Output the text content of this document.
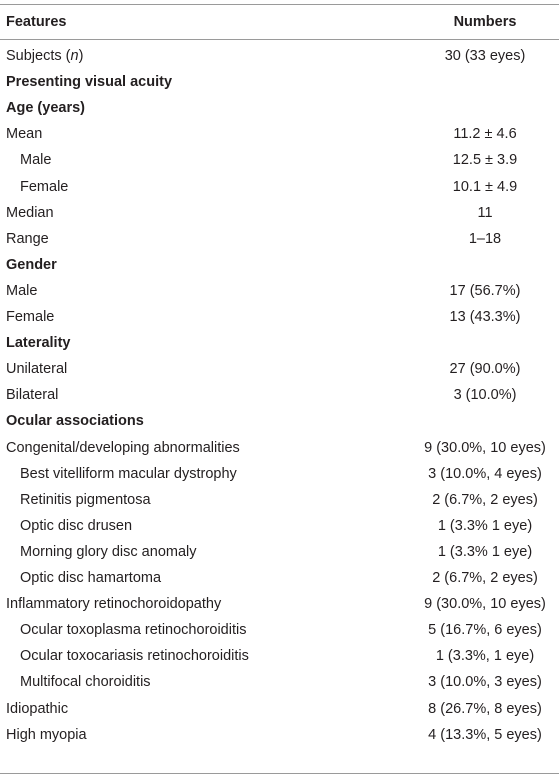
Features	Numbers
Subjects (n)	30 (33 eyes)
Presenting visual acuity
Age (years)
Mean	11.2 ± 4.6
Male	12.5 ± 3.9
Female	10.1 ± 4.9
Median	11
Range	1–18
Gender
Male	17 (56.7%)
Female	13 (43.3%)
Laterality
Unilateral	27 (90.0%)
Bilateral	3 (10.0%)
Ocular associations
Congenital/developing abnormalities	9 (30.0%, 10 eyes)
Best vitelliform macular dystrophy	3 (10.0%, 4 eyes)
Retinitis pigmentosa	2 (6.7%, 2 eyes)
Optic disc drusen	1 (3.3% 1 eye)
Morning glory disc anomaly	1 (3.3% 1 eye)
Optic disc hamartoma	2 (6.7%, 2 eyes)
Inflammatory retinochoroidopathy	9 (30.0%, 10 eyes)
Ocular toxoplasma retinochoroiditis	5 (16.7%, 6 eyes)
Ocular toxocariasis retinochoroiditis	1 (3.3%, 1 eye)
Multifocal choroiditis	3 (10.0%, 3 eyes)
Idiopathic	8 (26.7%, 8 eyes)
High myopia	4 (13.3%, 5 eyes)
